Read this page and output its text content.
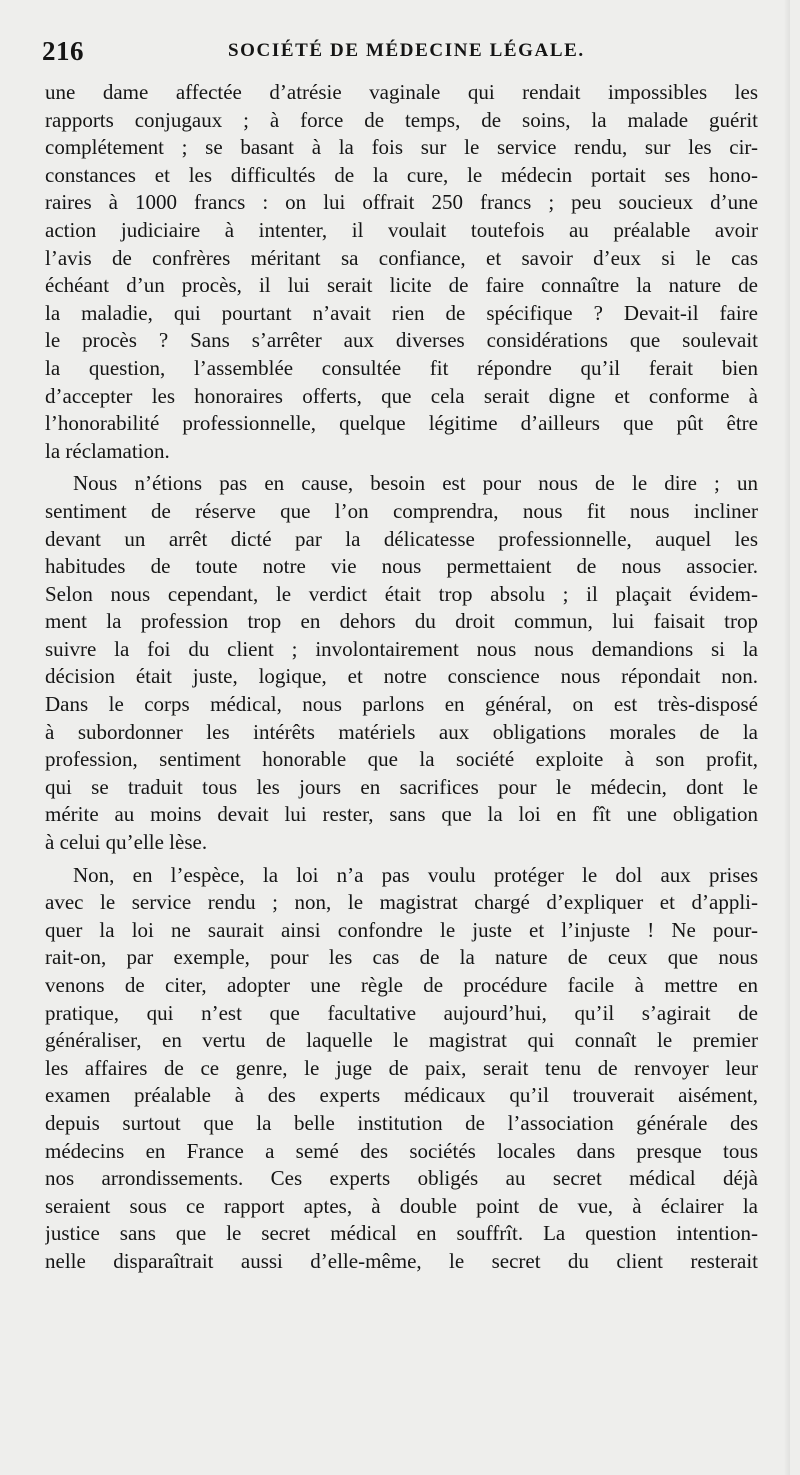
216	SOCIÉTÉ DE MÉDECINE LÉGALE.
une dame affectée d’atrésie vaginale qui rendait impossibles les
rapports conjugaux ; à force de temps, de soins, la malade guérit
complétement ; se basant à la fois sur le service rendu, sur les cir-
constances et les difficultés de la cure, le médecin portait ses hono-
raires à 1000 francs : on lui offrait 250 francs ; peu soucieux d’une
action judiciaire à intenter, il voulait toutefois au préalable avoir
l’avis de confrères méritant sa confiance, et savoir d’eux si le cas
échéant d’un procès, il lui serait licite de faire connaître la nature de
la maladie, qui pourtant n’avait rien de spécifique ? Devait-il faire
le procès ? Sans s’arrêter aux diverses considérations que soulevait
la question, l’assemblée consultée fit répondre qu’il ferait bien
d’accepter les honoraires offerts, que cela serait digne et conforme à
l’honorabilité professionnelle, quelque légitime d’ailleurs que pût être
la réclamation.
Nous n’étions pas en cause, besoin est pour nous de le dire ; un
sentiment de réserve que l’on comprendra, nous fit nous incliner
devant un arrêt dicté par la délicatesse professionnelle, auquel les
habitudes de toute notre vie nous permettaient de nous associer.
Selon nous cependant, le verdict était trop absolu ; il plaçait évidem-
ment la profession trop en dehors du droit commun, lui faisait trop
suivre la foi du client ; involontairement nous nous demandions si la
décision était juste, logique, et notre conscience nous répondait non.
Dans le corps médical, nous parlons en général, on est très-disposé
à subordonner les intérêts matériels aux obligations morales de la
profession, sentiment honorable que la société exploite à son profit,
qui se traduit tous les jours en sacrifices pour le médecin, dont le
mérite au moins devait lui rester, sans que la loi en fît une obligation
à celui qu’elle lèse.
Non, en l’espèce, la loi n’a pas voulu protéger le dol aux prises
avec le service rendu ; non, le magistrat chargé d’expliquer et d’appli-
quer la loi ne saurait ainsi confondre le juste et l’injuste ! Ne pour-
rait-on, par exemple, pour les cas de la nature de ceux que nous
venons de citer, adopter une règle de procédure facile à mettre en
pratique, qui n’est que facultative aujourd’hui, qu’il s’agirait de
généraliser, en vertu de laquelle le magistrat qui connaît le premier
les affaires de ce genre, le juge de paix, serait tenu de renvoyer leur
examen préalable à des experts médicaux qu’il trouverait aisément,
depuis surtout que la belle institution de l’association générale des
médecins en France a semé des sociétés locales dans presque tous
nos arrondissements. Ces experts obligés au secret médical déjà
seraient sous ce rapport aptes, à double point de vue, à éclairer la
justice sans que le secret médical en souffrît. La question intention-
nelle disparaîtrait aussi d’elle-même, le secret du client resterait
